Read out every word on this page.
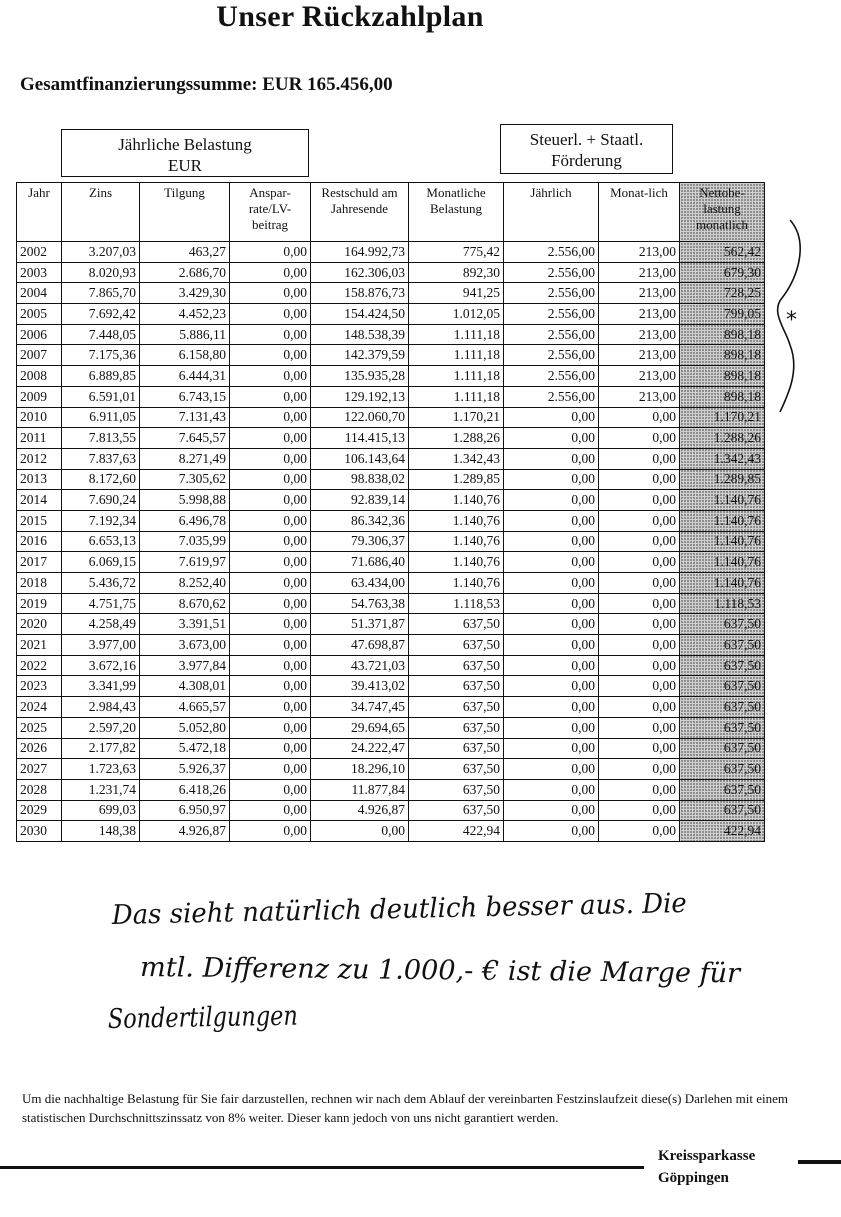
Unser Rückzahlplan
Gesamtfinanzierungssumme: EUR 165.456,00
Jährliche Belastung
EUR
Steuerl. + Staatl.
Förderung
Jahr	Zins	Tilgung	Anspar-rate/LV-beitrag	Restschuld am Jahresende	Monatliche Belastung	Jährlich	Monat-lich	Nettobe-lastung monatlich
2002	3.207,03	463,27	0,00	164.992,73	775,42	2.556,00	213,00	562,42
2003	8.020,93	2.686,70	0,00	162.306,03	892,30	2.556,00	213,00	679,30
2004	7.865,70	3.429,30	0,00	158.876,73	941,25	2.556,00	213,00	728,25
2005	7.692,42	4.452,23	0,00	154.424,50	1.012,05	2.556,00	213,00	799,05
2006	7.448,05	5.886,11	0,00	148.538,39	1.111,18	2.556,00	213,00	898,18
2007	7.175,36	6.158,80	0,00	142.379,59	1.111,18	2.556,00	213,00	898,18
2008	6.889,85	6.444,31	0,00	135.935,28	1.111,18	2.556,00	213,00	898,18
2009	6.591,01	6.743,15	0,00	129.192,13	1.111,18	2.556,00	213,00	898,18
2010	6.911,05	7.131,43	0,00	122.060,70	1.170,21	0,00	0,00	1.170,21
2011	7.813,55	7.645,57	0,00	114.415,13	1.288,26	0,00	0,00	1.288,26
2012	7.837,63	8.271,49	0,00	106.143,64	1.342,43	0,00	0,00	1.342,43
2013	8.172,60	7.305,62	0,00	98.838,02	1.289,85	0,00	0,00	1.289,85
2014	7.690,24	5.998,88	0,00	92.839,14	1.140,76	0,00	0,00	1.140,76
2015	7.192,34	6.496,78	0,00	86.342,36	1.140,76	0,00	0,00	1.140,76
2016	6.653,13	7.035,99	0,00	79.306,37	1.140,76	0,00	0,00	1.140,76
2017	6.069,15	7.619,97	0,00	71.686,40	1.140,76	0,00	0,00	1.140,76
2018	5.436,72	8.252,40	0,00	63.434,00	1.140,76	0,00	0,00	1.140,76
2019	4.751,75	8.670,62	0,00	54.763,38	1.118,53	0,00	0,00	1.118,53
2020	4.258,49	3.391,51	0,00	51.371,87	637,50	0,00	0,00	637,50
2021	3.977,00	3.673,00	0,00	47.698,87	637,50	0,00	0,00	637,50
2022	3.672,16	3.977,84	0,00	43.721,03	637,50	0,00	0,00	637,50
2023	3.341,99	4.308,01	0,00	39.413,02	637,50	0,00	0,00	637,50
2024	2.984,43	4.665,57	0,00	34.747,45	637,50	0,00	0,00	637,50
2025	2.597,20	5.052,80	0,00	29.694,65	637,50	0,00	0,00	637,50
2026	2.177,82	5.472,18	0,00	24.222,47	637,50	0,00	0,00	637,50
2027	1.723,63	5.926,37	0,00	18.296,10	637,50	0,00	0,00	637,50
2028	1.231,74	6.418,26	0,00	11.877,84	637,50	0,00	0,00	637,50
2029	699,03	6.950,97	0,00	4.926,87	637,50	0,00	0,00	637,50
2030	148,38	4.926,87	0,00	0,00	422,94	0,00	0,00	422,94
*
Das sieht natürlich deutlich besser aus. Die
mtl. Differenz zu 1.000,- € ist die Marge für
Sondertilgungen
Um die nachhaltige Belastung für Sie fair darzustellen, rechnen wir nach dem Ablauf der vereinbarten Festzinslaufzeit diese(s) Darlehen mit einem statistischen Durchschnittszinssatz von 8% weiter. Dieser kann jedoch von uns nicht garantiert werden.
Kreissparkasse
Göppingen
